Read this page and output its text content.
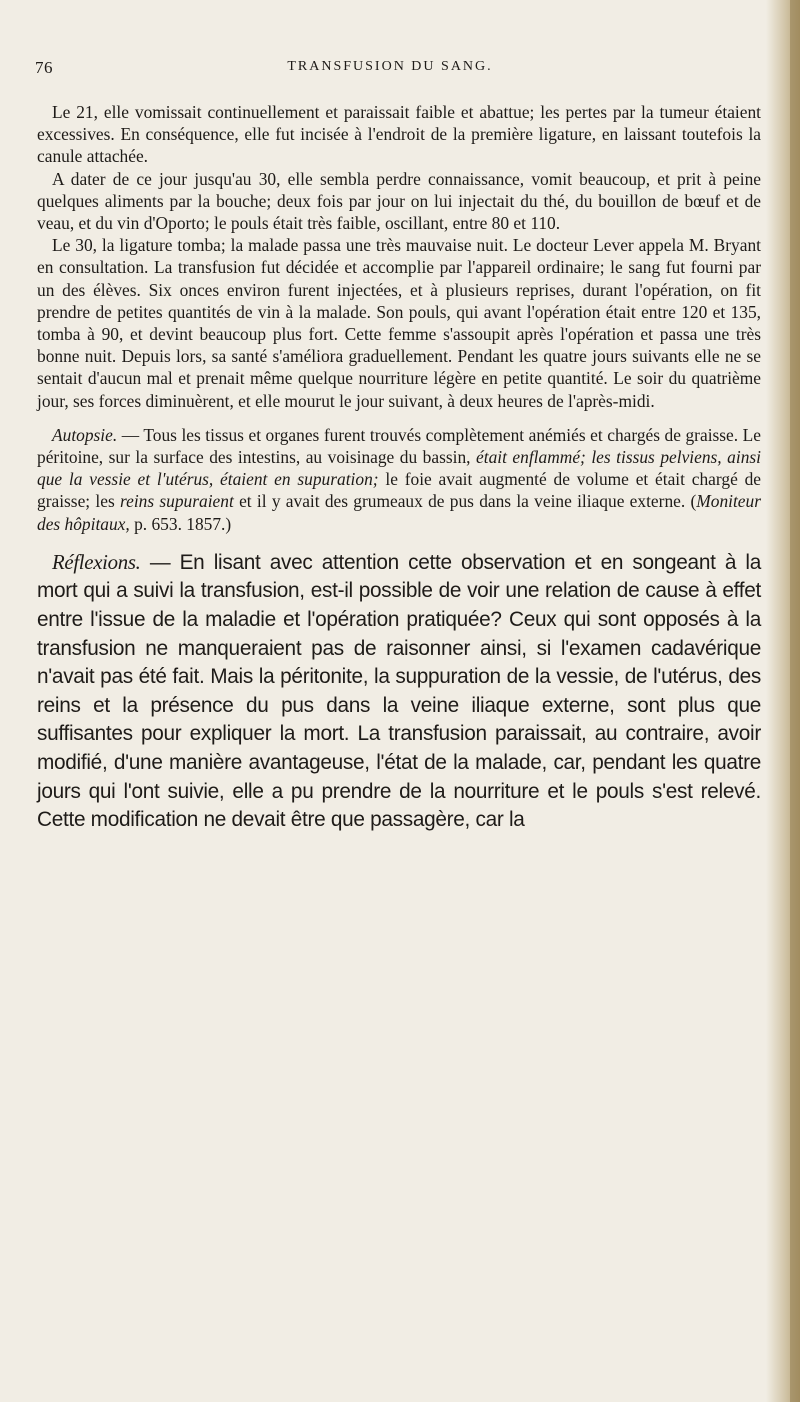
76	TRANSFUSION DU SANG.

Le 21, elle vomissait continuellement et paraissait faible et abattue; les pertes par la tumeur étaient excessives. En conséquence, elle fut incisée à l'endroit de la première ligature, en laissant toutefois la canule attachée.

A dater de ce jour jusqu'au 30, elle sembla perdre connaissance, vomit beaucoup, et prit à peine quelques aliments par la bouche; deux fois par jour on lui injectait du thé, du bouillon de bœuf et de veau, et du vin d'Oporto; le pouls était très faible, oscillant, entre 80 et 110.

Le 30, la ligature tomba; la malade passa une très mauvaise nuit. Le docteur Lever appela M. Bryant en consultation. La transfusion fut décidée et accomplie par l'appareil ordinaire; le sang fut fourni par un des élèves. Six onces environ furent injectées, et à plusieurs reprises, durant l'opération, on fit prendre de petites quantités de vin à la malade. Son pouls, qui avant l'opération était entre 120 et 135, tomba à 90, et devint beaucoup plus fort. Cette femme s'assoupit après l'opération et passa une très bonne nuit. Depuis lors, sa santé s'améliora graduellement. Pendant les quatre jours suivants elle ne se sentait d'aucun mal et prenait même quelque nourriture légère en petite quantité. Le soir du quatrième jour, ses forces diminuèrent, et elle mourut le jour suivant, à deux heures de l'après-midi.

Autopsie. — Tous les tissus et organes furent trouvés complètement anémiés et chargés de graisse. Le péritoine, sur la surface des intestins, au voisinage du bassin, était enflammé; les tissus pelviens, ainsi que la vessie et l'utérus, étaient en supuration; le foie avait augmenté de volume et était chargé de graisse; les reins supuraient et il y avait des grumeaux de pus dans la veine iliaque externe. (Moniteur des hôpitaux, p. 653. 1857.)

Réflexions. — En lisant avec attention cette observation et en songeant à la mort qui a suivi la transfusion, est-il possible de voir une relation de cause à effet entre l'issue de la maladie et l'opération pratiquée? Ceux qui sont opposés à la transfusion ne manqueraient pas de raisonner ainsi, si l'examen cadavérique n'avait pas été fait. Mais la péritonite, la suppuration de la vessie, de l'utérus, des reins et la présence du pus dans la veine iliaque externe, sont plus que suffisantes pour expliquer la mort. La transfusion paraissait, au contraire, avoir modifié, d'une manière avantageuse, l'état de la malade, car, pendant les quatre jours qui l'ont suivie, elle a pu prendre de la nourriture et le pouls s'est relevé. Cette modification ne devait être que passagère, car la
